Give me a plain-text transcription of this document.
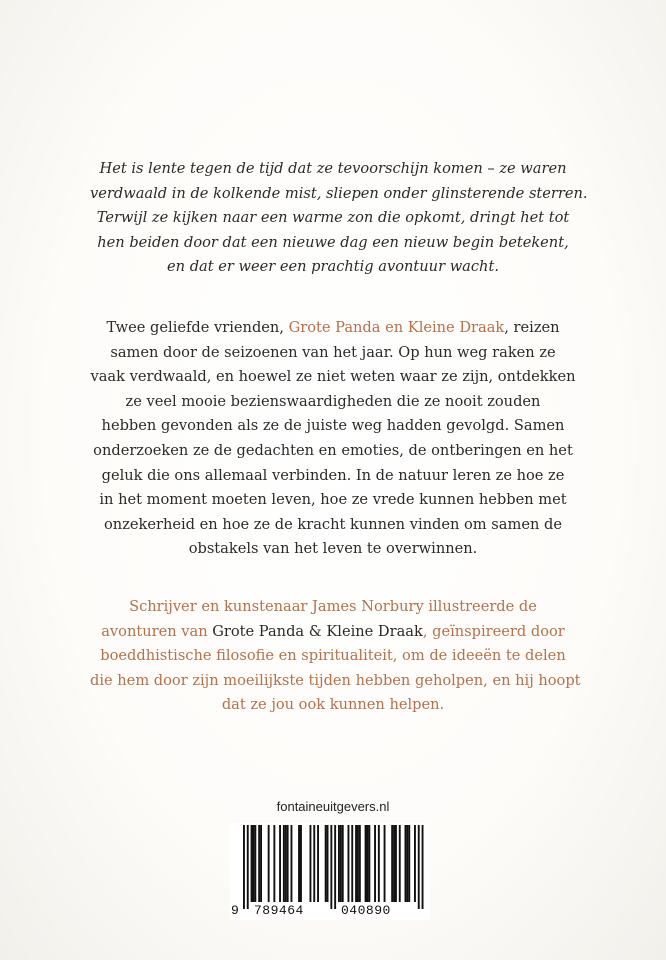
Het is lente tegen de tijd dat ze tevoorschijn komen – ze waren
verdwaald in de kolkende mist, sliepen onder glinsterende sterren.
Terwijl ze kijken naar een warme zon die opkomt, dringt het tot
hen beiden door dat een nieuwe dag een nieuw begin betekent,
en dat er weer een prachtig avontuur wacht.
Twee geliefde vrienden, Grote Panda en Kleine Draak, reizen
samen door de seizoenen van het jaar. Op hun weg raken ze
vaak verdwaald, en hoewel ze niet weten waar ze zijn, ontdekken
ze veel mooie bezienswaardigheden die ze nooit zouden
hebben gevonden als ze de juiste weg hadden gevolgd. Samen
onderzoeken ze de gedachten en emoties, de ontberingen en het
geluk die ons allemaal verbinden. In de natuur leren ze hoe ze
in het moment moeten leven, hoe ze vrede kunnen hebben met
onzekerheid en hoe ze de kracht kunnen vinden om samen de
obstakels van het leven te overwinnen.
Schrijver en kunstenaar James Norbury illustreerde de
avonturen van Grote Panda & Kleine Draak, geïnspireerd door
boeddhistische filosofie en spiritualiteit, om de ideeën te delen
die hem door zijn moeilijkste tijden hebben geholpen, en hij hoopt
dat ze jou ook kunnen helpen.
fontaineuitgevers.nl
9 789464	040890
